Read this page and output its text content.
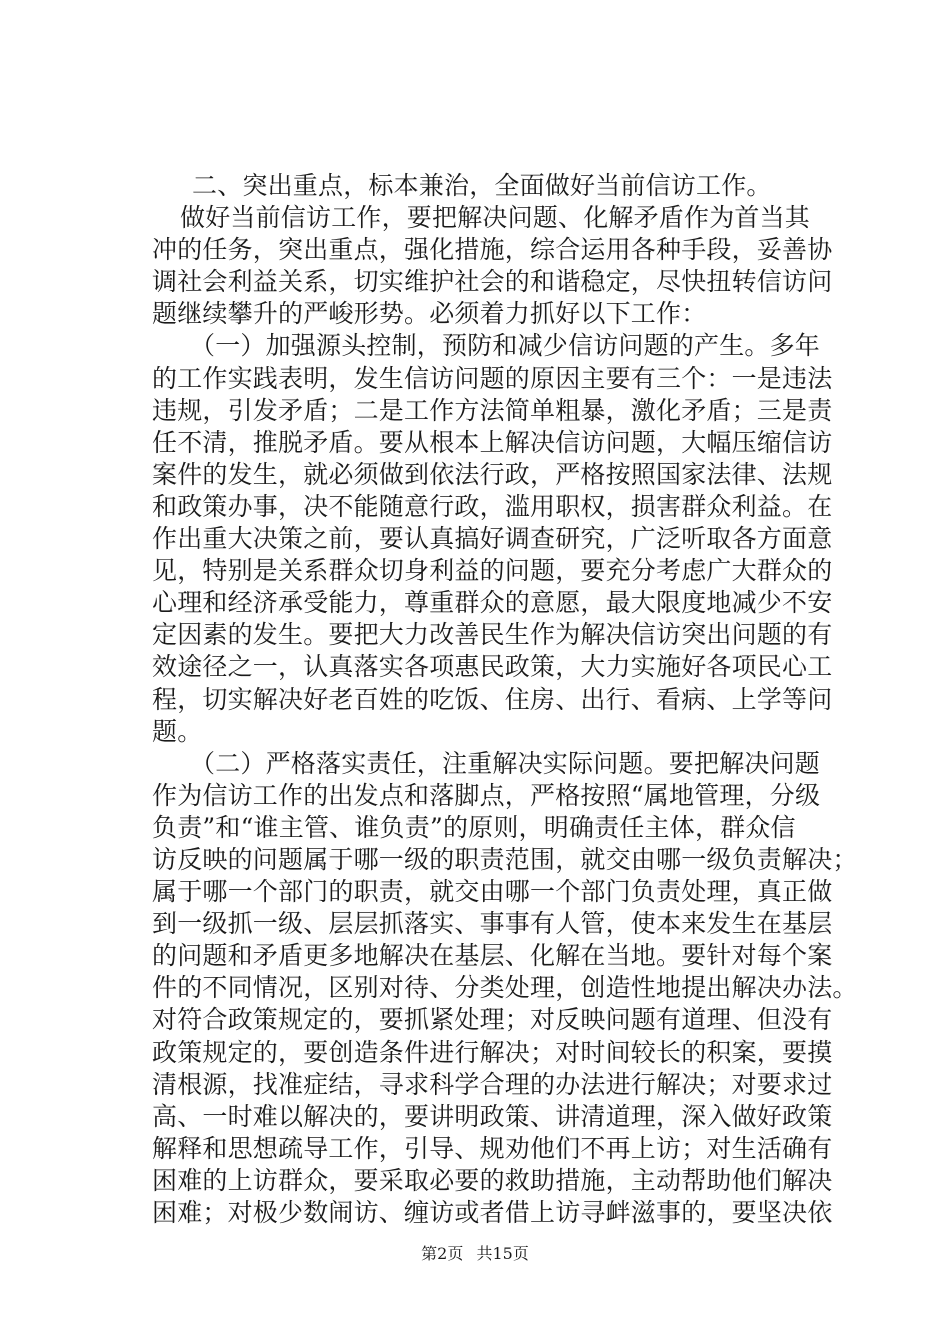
二、突出重点，标本兼治，全面做好当前信访工作。
做好当前信访工作，要把解决问题、化解矛盾作为首当其
冲的任务，突出重点，强化措施，综合运用各种手段，妥善协
调社会利益关系，切实维护社会的和谐稳定，尽快扭转信访问
题继续攀升的严峻形势。必须着力抓好以下工作：
（一）加强源头控制，预防和减少信访问题的产生。多年
的工作实践表明，发生信访问题的原因主要有三个：一是违法
违规，引发矛盾；二是工作方法简单粗暴，激化矛盾；三是责
任不清，推脱矛盾。要从根本上解决信访问题，大幅压缩信访
案件的发生，就必须做到依法行政，严格按照国家法律、法规
和政策办事，决不能随意行政，滥用职权，损害群众利益。在
作出重大决策之前，要认真搞好调查研究，广泛听取各方面意
见，特别是关系群众切身利益的问题，要充分考虑广大群众的
心理和经济承受能力，尊重群众的意愿，最大限度地减少不安
定因素的发生。要把大力改善民生作为解决信访突出问题的有
效途径之一，认真落实各项惠民政策，大力实施好各项民心工
程，切实解决好老百姓的吃饭、住房、出行、看病、上学等问
题。
（二）严格落实责任，注重解决实际问题。要把解决问题
作为信访工作的出发点和落脚点，严格按照“属地管理，分级
负责”和“谁主管、谁负责”的原则，明确责任主体，群众信
访反映的问题属于哪一级的职责范围，就交由哪一级负责解决；
属于哪一个部门的职责，就交由哪一个部门负责处理，真正做
到一级抓一级、层层抓落实、事事有人管，使本来发生在基层
的问题和矛盾更多地解决在基层、化解在当地。要针对每个案
件的不同情况，区别对待、分类处理，创造性地提出解决办法。
对符合政策规定的，要抓紧处理；对反映问题有道理、但没有
政策规定的，要创造条件进行解决；对时间较长的积案，要摸
清根源，找准症结，寻求科学合理的办法进行解决；对要求过
高、一时难以解决的，要讲明政策、讲清道理，深入做好政策
解释和思想疏导工作，引导、规劝他们不再上访；对生活确有
困难的上访群众，要采取必要的救助措施，主动帮助他们解决
困难；对极少数闹访、缠访或者借上访寻衅滋事的，要坚决依
第2页 共15页
